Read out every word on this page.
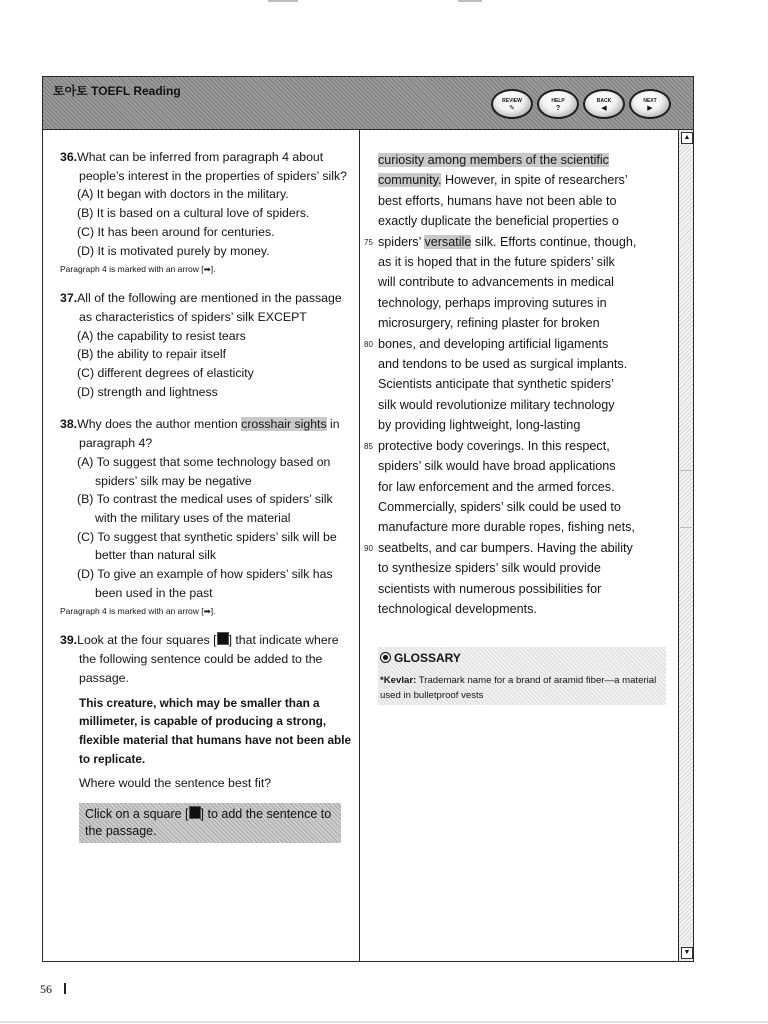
토아토 TOEFL Reading
REVIEW
✎
HELP
?
BACK
◀
NEXT
▶
36.What can be inferred from paragraph 4 about people’s interest in the properties of spiders’ silk?
(A) It began with doctors in the military.
(B) It is based on a cultural love of spiders.
(C) It has been around for centuries.
(D) It is motivated purely by money.
Paragraph 4 is marked with an arrow [➡].
37.All of the following are mentioned in the passage as characteristics of spiders’ silk EXCEPT
(A) the capability to resist tears
(B) the ability to repair itself
(C) different degrees of elasticity
(D) strength and lightness
38.Why does the author mention crosshair sights in paragraph 4?
(A) To suggest that some technology based on spiders’ silk may be negative
(B) To contrast the medical uses of spiders’ silk with the military uses of the material
(C) To suggest that synthetic spiders’ silk will be better than natural silk
(D) To give an example of how spiders’ silk has been used in the past
Paragraph 4 is marked with an arrow [➡].
39.Look at the four squares [ ] that indicate where the following sentence could be added to the passage.
This creature, which may be smaller than a millimeter, is capable of producing a strong, flexible material that humans have not been able to replicate.
Where would the sentence best fit?
Click on a square [ ] to add the sentence to the passage.
curiosity among members of the scientific
community. However, in spite of researchers’
best efforts, humans have not been able to
exactly duplicate the beneficial properties o
75 spiders’ versatile silk. Efforts continue, though,
as it is hoped that in the future spiders’ silk
will contribute to advancements in medical
technology, perhaps improving sutures in
microsurgery, refining plaster for broken
80 bones, and developing artificial ligaments
and tendons to be used as surgical implants.
Scientists anticipate that synthetic spiders’
silk would revolutionize military technology
by providing lightweight, long-lasting
85 protective body coverings. In this respect,
spiders’ silk would have broad applications
for law enforcement and the armed forces.
Commercially, spiders’ silk could be used to
manufacture more durable ropes, fishing nets,
90 seatbelts, and car bumpers. Having the ability
to synthesize spiders’ silk would provide
scientists with numerous possibilities for
technological developments.
GLOSSARY
*Kevlar: Trademark name for a brand of aramid fiber—a material used in bulletproof vests
▲
▼
56
